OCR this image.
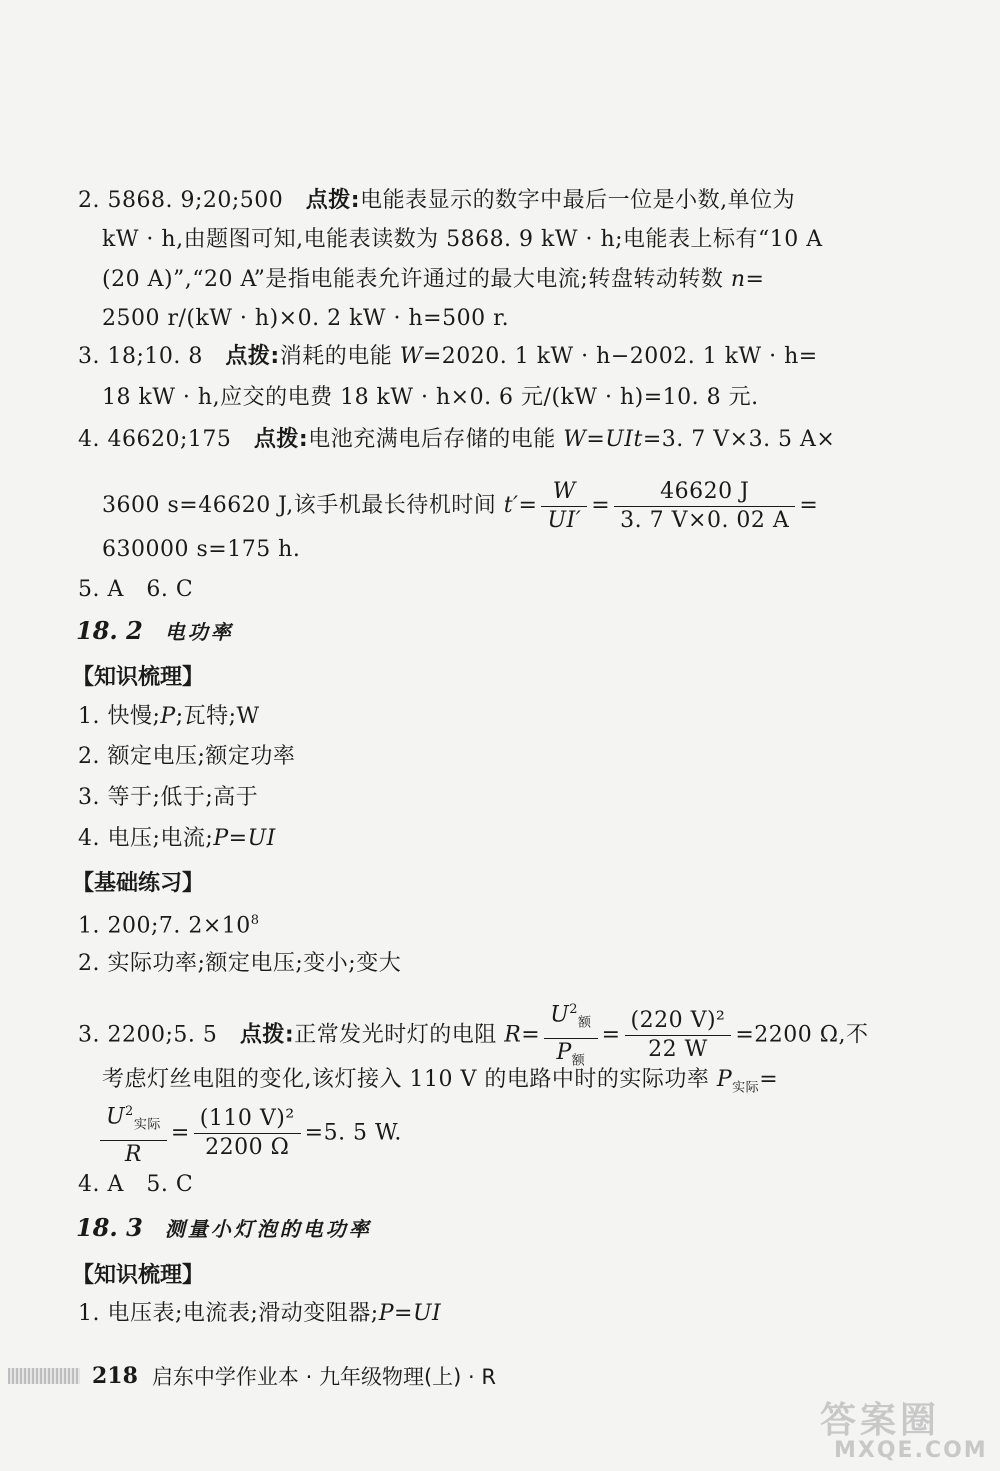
2. 5868. 9;20;500　 点拨:电能表显示的数字中最后一位是小数,单位为
kW · h,由题图可知,电能表读数为 5868. 9 kW · h;电能表上标有“10 A
(20 A)”,“20 A”是指电能表允许通过的最大电流;转盘转动转数 n=
2500 r/(kW · h)×0. 2 kW · h=500 r.
3. 18;10. 8　 点拨:消耗的电能 W=2020. 1 kW · h−2002. 1 kW · h=
18 kW · h,应交的电费 18 kW · h×0. 6 元/(kW · h)=10. 8 元.
4. 46620;175　 点拨:电池充满电后存储的电能 W=UIt=3. 7 V×3. 5 A×
3600 s=46620 J,该手机最长待机时间 $t'= \frac{W}{UI'} = \frac{46620 J}{3. 7 V\times 0. 02 A}$ =
630000 s=175 h.
5. A　6. C
18. 2 电功率
【知识梳理】
1. 快慢;P;瓦特;W
2. 额定电压;额定功率
3. 等于;低于;高于
4. 电压;电流;P=UI
【基础练习】
1. 200;7. $2\times 10^8$
2. 实际功率;额定电压;变小;变大
3. 2200;5. 5　 点拨:正常发光时灯的电阻 $R= \frac{U^2_额}{P_额} = \frac{\text{(220 V)²}}{22 W} =2200$ Ω,不
考虑灯丝电阻的变化,该灯接入 110 V 的电路中时的实际功率 $P_{实际}=$
$\frac{U^2_{实际}}{R} = \frac{\text{(110 V)²}}{2200 \Omega} =5$. 5 W.
4. A　5. C
18. 3 测量小灯泡的电功率
【知识梳理】
1. 电压表;电流表;滑动变阻器;P=UI
218 启东中学作业本 · 九年级物理(上) · R
答案圈
MXQE.COM
